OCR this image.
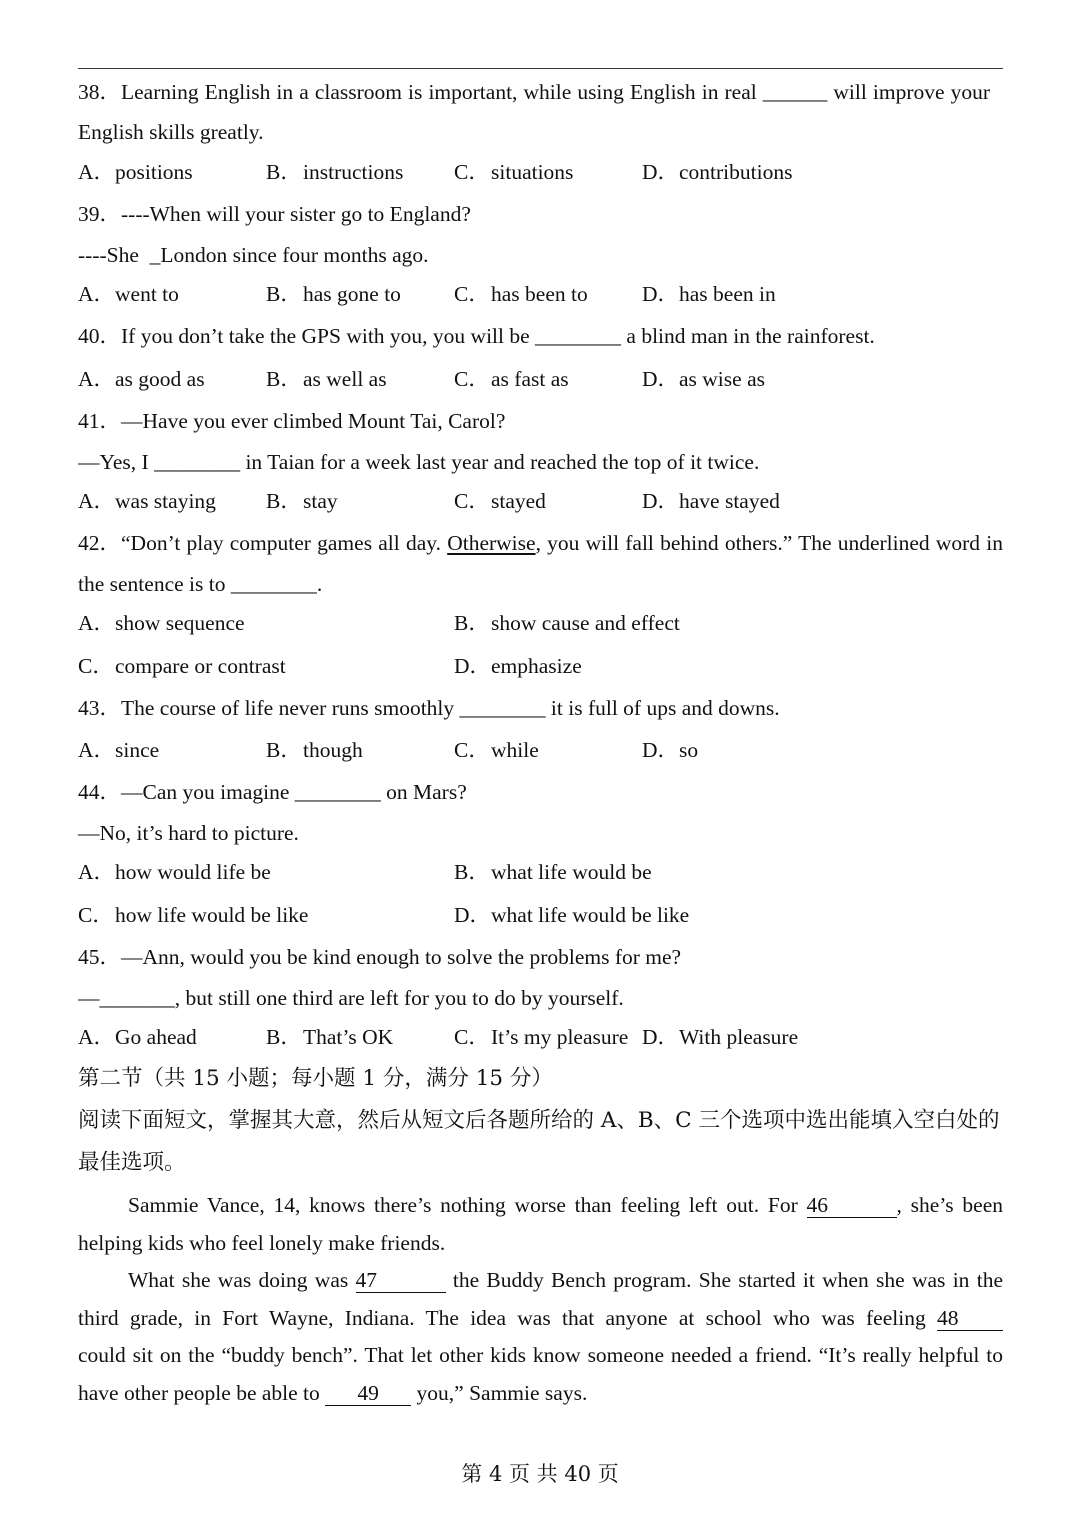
38．Learning English in a classroom is important, while using English in real ______ will improve your
English skills greatly.
A．positions	B．instructions C．situations	D．contributions
39．----When will your sister go to England?
----She  _London since four months ago.
A．went to	B．has gone to C．has been to	D．has been in
40．If you don’t take the GPS with you, you will be ________ a blind man in the rainforest.
A．as good as	B．as well as	C．as fast as	D．as wise as
41．—Have you ever climbed Mount Tai, Carol?
—Yes, I ________ in Taian for a week last year and reached the top of it twice.
A．was staying B．stay	C．stayed	D．have stayed
42．“Don’t play computer games all day. Otherwise, you will fall behind others.” The underlined word in
the sentence is to ________.
A．show sequence	B．show cause and effect
C．compare or contrast	D．emphasize
43．The course of life never runs smoothly ________ it is full of ups and downs.
A．since	B．though	C．while	D．so
44．—Can you imagine ________ on Mars?
—No, it’s hard to picture.
A．how would life be	B．what life would be
C．how life would be like	D．what life would be like
45．—Ann, would you be kind enough to solve the problems for me?
—_______, but still one third are left for you to do by yourself.
A．Go ahead	B．That’s OK	C．It’s my pleasure D．With pleasure
第二节（共 15 小题；每小题 1 分，满分 15 分）
阅读下面短文，掌握其大意，然后从短文后各题所给的 A、B、C 三个选项中选出能填入空白处的
最佳选项。
Sammie Vance, 14, knows there’s nothing worse than feeling left out. For 46	, she’s been
helping kids who feel lonely make friends.
What she was doing was 47	the Buddy Bench program. She started it when she was in the
third grade, in Fort Wayne, Indiana. The idea was that anyone at school who was feeling 48
could sit on the “buddy bench”. That let other kids know someone needed a friend. “It’s really helpful to
have other people be able to 49 you,” Sammie says.
第 4 页 共 40 页
